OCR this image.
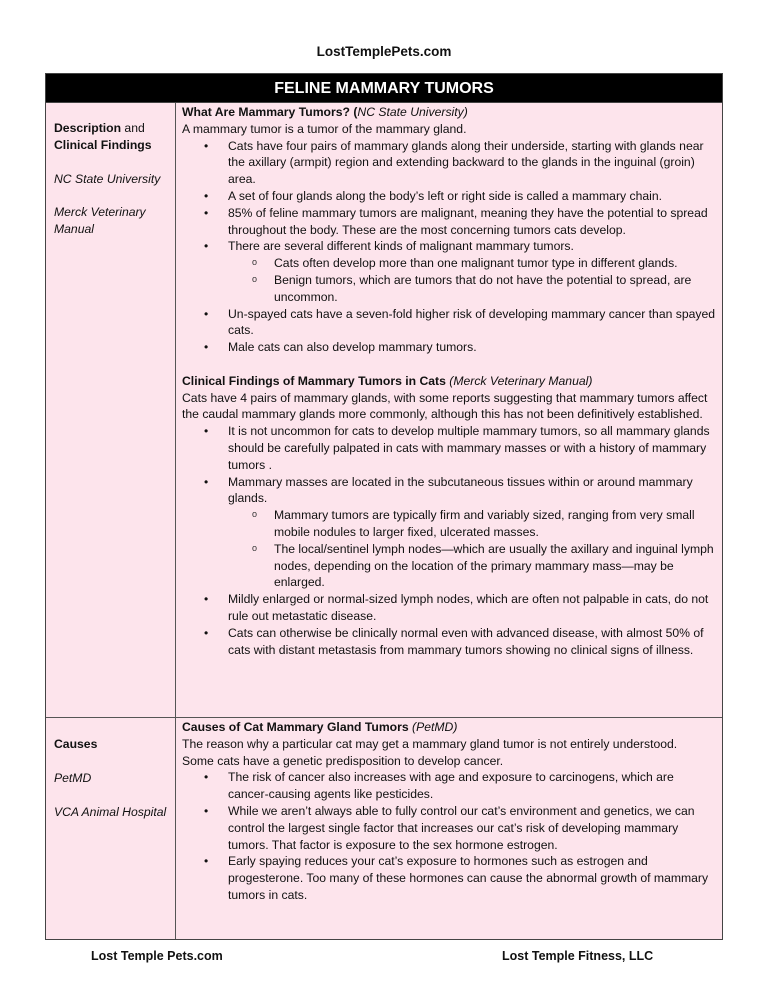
LostTemplePets.com
FELINE MAMMARY TUMORS
Description and
Clinical Findings
NC State University
Merck Veterinary Manual
What Are Mammary Tumors? (NC State University)
A mammary tumor is a tumor of the mammary gland.
• Cats have four pairs of mammary glands along their underside, starting with glands near the axillary (armpit) region and extending backward to the glands in the inguinal (groin) area.
• A set of four glands along the body’s left or right side is called a mammary chain.
• 85% of feline mammary tumors are malignant, meaning they have the potential to spread throughout the body. These are the most concerning tumors cats develop.
• There are several different kinds of malignant mammary tumors.
o Cats often develop more than one malignant tumor type in different glands.
o Benign tumors, which are tumors that do not have the potential to spread, are uncommon.
• Un-spayed cats have a seven-fold higher risk of developing mammary cancer than spayed cats.
• Male cats can also develop mammary tumors.
Clinical Findings of Mammary Tumors in Cats (Merck Veterinary Manual)
Cats have 4 pairs of mammary glands, with some reports suggesting that mammary tumors affect the caudal mammary glands more commonly, although this has not been definitively established.
• It is not uncommon for cats to develop multiple mammary tumors, so all mammary glands should be carefully palpated in cats with mammary masses or with a history of mammary tumors .
• Mammary masses are located in the subcutaneous tissues within or around mammary glands.
o Mammary tumors are typically firm and variably sized, ranging from very small mobile nodules to larger fixed, ulcerated masses.
o The local/sentinel lymph nodes—which are usually the axillary and inguinal lymph nodes, depending on the location of the primary mammary mass—may be enlarged.
• Mildly enlarged or normal-sized lymph nodes, which are often not palpable in cats, do not rule out metastatic disease.
• Cats can otherwise be clinically normal even with advanced disease, with almost 50% of cats with distant metastasis from mammary tumors showing no clinical signs of illness.
Causes
PetMD
VCA Animal Hospital
Causes of Cat Mammary Gland Tumors (PetMD)
The reason why a particular cat may get a mammary gland tumor is not entirely understood.
Some cats have a genetic predisposition to develop cancer.
• The risk of cancer also increases with age and exposure to carcinogens, which are cancer-causing agents like pesticides.
• While we aren’t always able to fully control our cat’s environment and genetics, we can control the largest single factor that increases our cat’s risk of developing mammary tumors. That factor is exposure to the sex hormone estrogen.
• Early spaying reduces your cat’s exposure to hormones such as estrogen and progesterone. Too many of these hormones can cause the abnormal growth of mammary tumors in cats.
Lost Temple Pets.com	Lost Temple Fitness, LLC
